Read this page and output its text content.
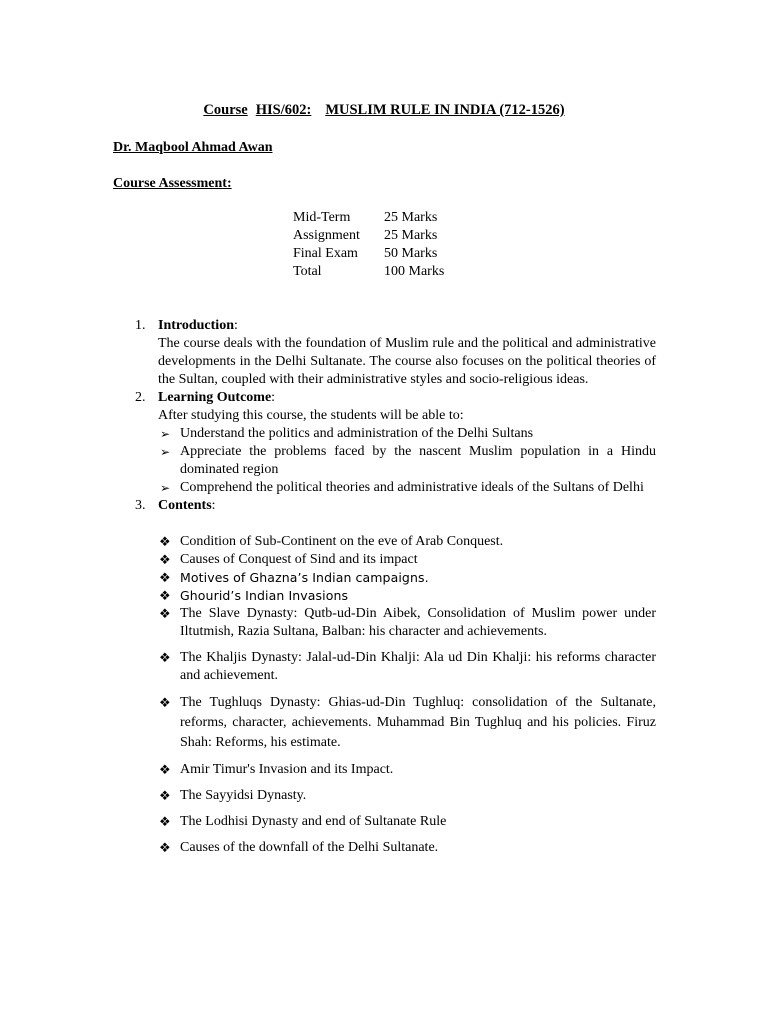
Course HIS/602: MUSLIM RULE IN INDIA (712-1526)
Dr. Maqbool Ahmad Awan
Course Assessment:
Mid-Term	25 Marks
Assignment	25 Marks
Final Exam	50 Marks
Total	100 Marks
1. Introduction:
The course deals with the foundation of Muslim rule and the political and administrative developments in the Delhi Sultanate. The course also focuses on the political theories of the Sultan, coupled with their administrative styles and socio-religious ideas.
2. Learning Outcome:
After studying this course, the students will be able to:
➢ Understand the politics and administration of the Delhi Sultans
➢ Appreciate the problems faced by the nascent Muslim population in a Hindu dominated region
➢ Comprehend the political theories and administrative ideals of the Sultans of Delhi
3. Contents:
❖ Condition of Sub-Continent on the eve of Arab Conquest.
❖ Causes of Conquest of Sind and its impact
❖ Motives of Ghazna’s Indian campaigns.
❖ Ghourid’s Indian Invasions
❖ The Slave Dynasty: Qutb-ud-Din Aibek, Consolidation of Muslim power under Iltutmish, Razia Sultana, Balban: his character and achievements.
❖ The Khaljis Dynasty: Jalal-ud-Din Khalji: Ala ud Din Khalji: his reforms character and achievement.
❖ The Tughluqs Dynasty: Ghias-ud-Din Tughluq: consolidation of the Sultanate, reforms, character, achievements. Muhammad Bin Tughluq and his policies. Firuz Shah: Reforms, his estimate.
❖ Amir Timur's Invasion and its Impact.
❖ The Sayyidsi Dynasty.
❖ The Lodhisi Dynasty and end of Sultanate Rule
❖ Causes of the downfall of the Delhi Sultanate.
